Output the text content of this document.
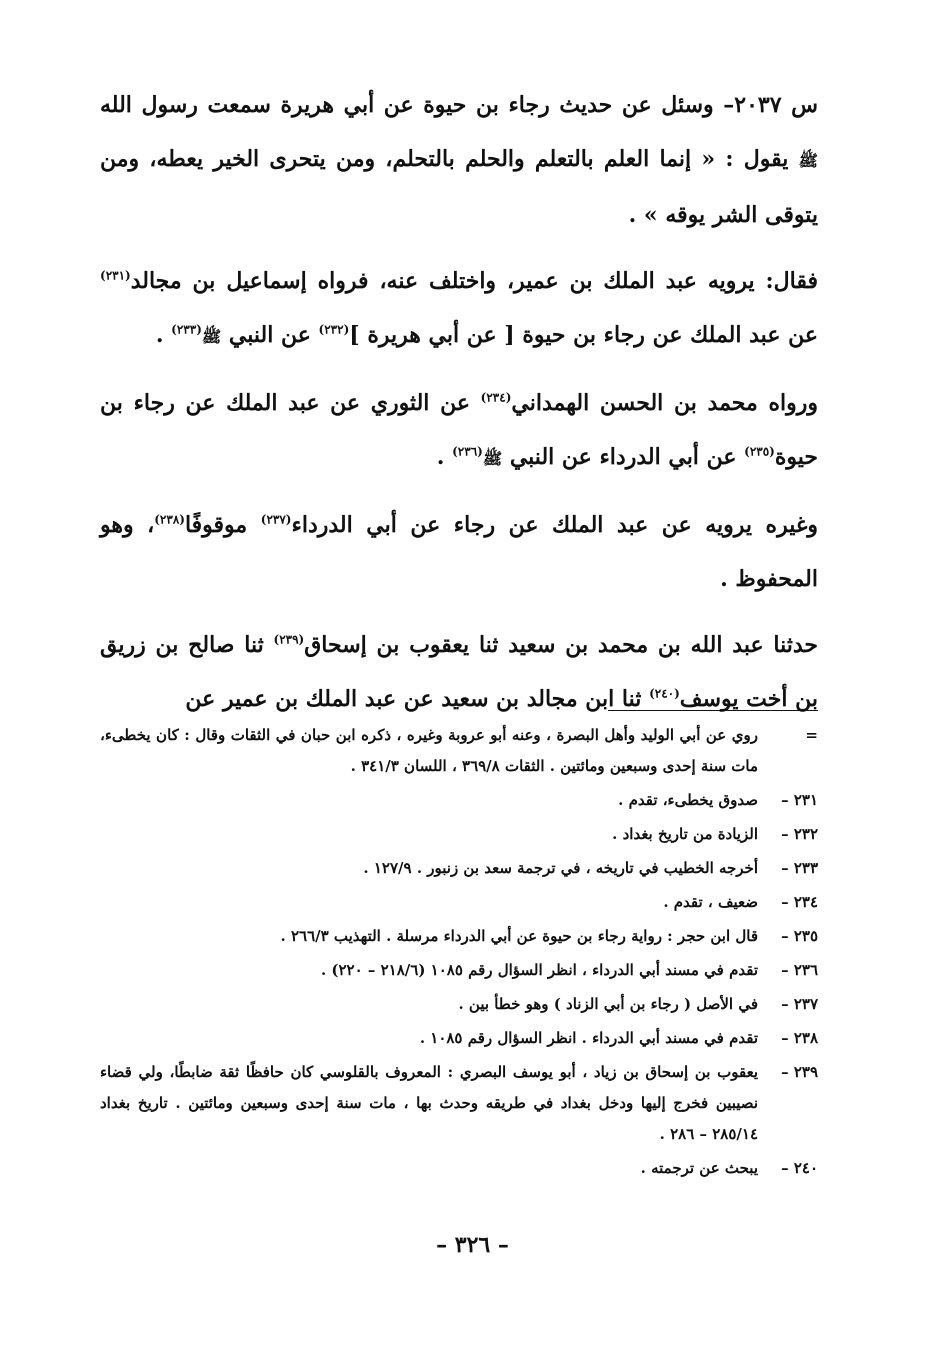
س ٢٠٣٧– وسئل عن حديث رجاء بن حيوة عن أبي هريرة سمعت رسول الله ﷺ يقول : « إنما العلم بالتعلم والحلم بالتحلم، ومن يتحرى الخير يعطه، ومن يتوقى الشر يوقه » .

فقال: يرويه عبد الملك بن عمير، واختلف عنه، فرواه إسماعيل بن مجالد$^{(٢٣١)}$ عن عبد الملك عن رجاء بن حيوة [ عن أبي هريرة ]$^{(٢٣٢)}$ عن النبي ﷺ$^{(٢٣٣)}$ .

ورواه محمد بن الحسن الهمداني$^{(٢٣٤)}$ عن الثوري عن عبد الملك عن رجاء بن حيوة$^{(٢٣٥)}$ عن أبي الدرداء عن النبي ﷺ$^{(٢٣٦)}$ .

وغيره يرويه عن عبد الملك عن رجاء عن أبي الدرداء$^{(٢٣٧)}$ موقوفًا$^{(٢٣٨)}$، وهو المحفوظ .

حدثنا عبد الله بن محمد بن سعيد ثنا يعقوب بن إسحاق$^{(٢٣٩)}$ ثنا صالح بن زريق بن أخت يوسف$^{(٢٤٠)}$ ثنا ابن مجالد بن سعيد عن عبد الملك بن عمير عن

=
روي عن أبي الوليد وأهل البصرة ، وعنه أبو عروبة وغيره ، ذكره ابن حبان في الثقات وقال : كان يخطىء، مات سنة إحدى وسبعين ومائتين . الثقات ٣٦٩/٨ ، اللسان ٣٤١/٣ .
٢٣١ –
صدوق يخطىء، تقدم .
٢٣٢ –
الزيادة من تاريخ بغداد .
٢٣٣ –
أخرجه الخطيب في تاريخه ، في ترجمة سعد بن زنبور . ١٢٧/٩ .
٢٣٤ –
ضعيف ، تقدم .
٢٣٥ –
قال ابن حجر : رواية رجاء بن حيوة عن أبي الدرداء مرسلة . التهذيب ٢٦٦/٣ .
٢٣٦ –
تقدم في مسند أبي الدرداء ، انظر السؤال رقم ١٠٨٥ (٢١٨/٦ – ٢٢٠) .
٢٣٧ –
في الأصل ( رجاء بن أبي الزناد ) وهو خطأ بين .
٢٣٨ –
تقدم في مسند أبي الدرداء . انظر السؤال رقم ١٠٨٥ .
٢٣٩ –
يعقوب بن إسحاق بن زياد ، أبو يوسف البصري : المعروف بالقلوسي كان حافظًا ثقة ضابطًا، ولي قضاء نصيبين فخرج إليها ودخل بغداد في طريقه وحدث بها ، مات سنة إحدى وسبعين ومائتين . تاريخ بغداد ٢٨٥/١٤ – ٢٨٦ .
٢٤٠ –
يبحث عن ترجمته .
– ٣٢٦ –
